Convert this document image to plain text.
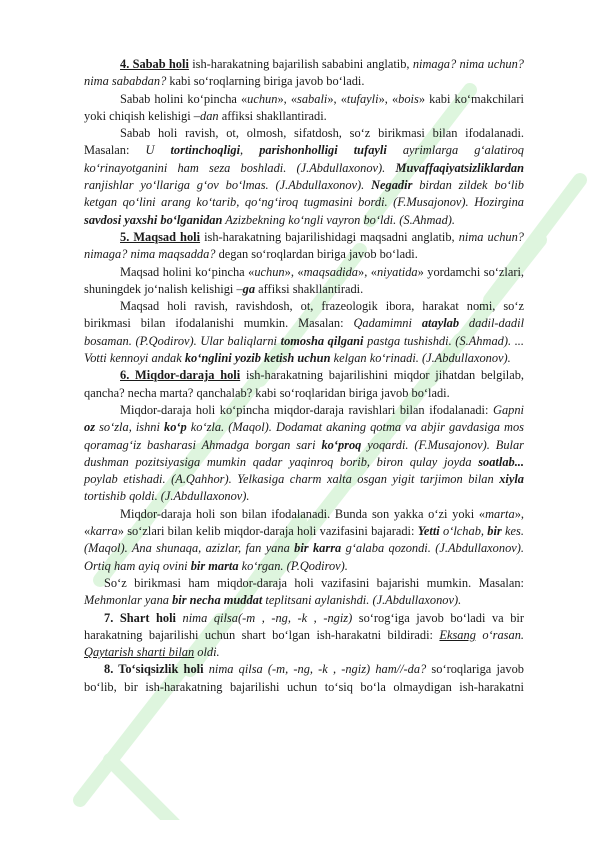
4. Sabab holi ish-harakatning bajarilish sababini anglatib, nimaga? nima uchun? nima sababdan? kabi so‘roqlarning biriga javob bo‘ladi.

Sabab holini ko‘pincha «uchun», «sabali», «tufayli», «bois» kabi ko‘makchilari yoki chiqish kelishigi –dan affiksi shakllantiradi.

Sabab holi ravish, ot, olmosh, sifatdosh, so‘z birikmasi bilan ifodalanadi. Masalan: U tortinchoqligi, parishonholligi tufayli ayrimlarga g‘alatiroq ko‘rinayotganini ham seza boshladi. (J.Abdullaxonov). Muvaffaqiyatsizliklardan ranjishlar yo‘llariga g‘ov bo‘lmas. (J.Abdullaxonov). Negadir birdan zildek bo‘lib ketgan qo‘lini arang ko‘tarib, qo‘ng‘iroq tugmasini bordi. (F.Musajonov). Hozirgina savdosi yaxshi bo‘lganidan Azizbekning ko‘ngli vayron bo‘ldi. (S.Ahmad).

5. Maqsad holi ish-harakatning bajarilishidagi maqsadni anglatib, nima uchun? nimaga? nima maqsadda? degan so‘roqlardan biriga javob bo‘ladi.

Maqsad holini ko‘pincha «uchun», «maqsadida», «niyatida» yordamchi so‘zlari, shuningdek jo‘nalish kelishigi –ga affiksi shakllantiradi.

Maqsad holi ravish, ravishdosh, ot, frazeologik ibora, harakat nomi, so‘z birikmasi bilan ifodalanishi mumkin. Masalan: Qadamimni ataylab dadil-dadil bosaman. (P.Qodirov). Ular baliqlarni tomosha qilgani pastga tushishdi. (S.Ahmad). ... Votti kennoyi andak ko‘nglini yozib ketish uchun kelgan ko‘rinadi. (J.Abdullaxonov).

6. Miqdor-daraja holi ish-harakatning bajarilishini miqdor jihatdan belgilab, qancha? necha marta? qanchalab? kabi so‘roqlaridan biriga javob bo‘ladi.

Miqdor-daraja holi ko‘pincha miqdor-daraja ravishlari bilan ifodalanadi: Gapni oz so‘zla, ishni ko‘p ko‘zla. (Maqol). Dodamat akaning qotma va abjir gavdasiga mos qoramag‘iz basharasi Ahmadga borgan sari ko‘proq yoqardi. (F.Musajonov). Bular dushman pozitsiyasiga mumkin qadar yaqinroq borib, biron qulay joyda soatlab... poylab etishadi. (A.Qahhor). Yelkasiga charm xalta osgan yigit tarjimon bilan xiyla tortishib qoldi. (J.Abdullaxonov).

Miqdor-daraja holi son bilan ifodalanadi. Bunda son yakka o‘zi yoki «marta», «karra» so‘zlari bilan kelib miqdor-daraja holi vazifasini bajaradi: Yetti o‘lchab, bir kes. (Maqol). Ana shunaqa, azizlar, fan yana bir karra g‘alaba qozondi. (J.Abdullaxonov). Ortiq ham ayiq ovini bir marta ko‘rgan. (P.Qodirov).

So‘z birikmasi ham miqdor-daraja holi vazifasini bajarishi mumkin. Masalan: Mehmonlar yana bir necha muddat teplitsani aylanishdi. (J.Abdullaxonov).

7. Shart holi nima qilsa(-m , -ng, -k , -ngiz) so‘rog‘iga javob bo‘ladi va bir harakatning bajarilishi uchun shart bo‘lgan ish-harakatni bildiradi: Eksang o‘rasan. Qaytarish sharti bilan oldi.

8. To‘siqsizlik holi nima qilsa (-m, -ng, -k , -ngiz) ham//-da? so‘roqlariga javob bo‘lib, bir ish-harakatning bajarilishi uchun to‘siq bo‘la olmaydigan ish-harakatni
